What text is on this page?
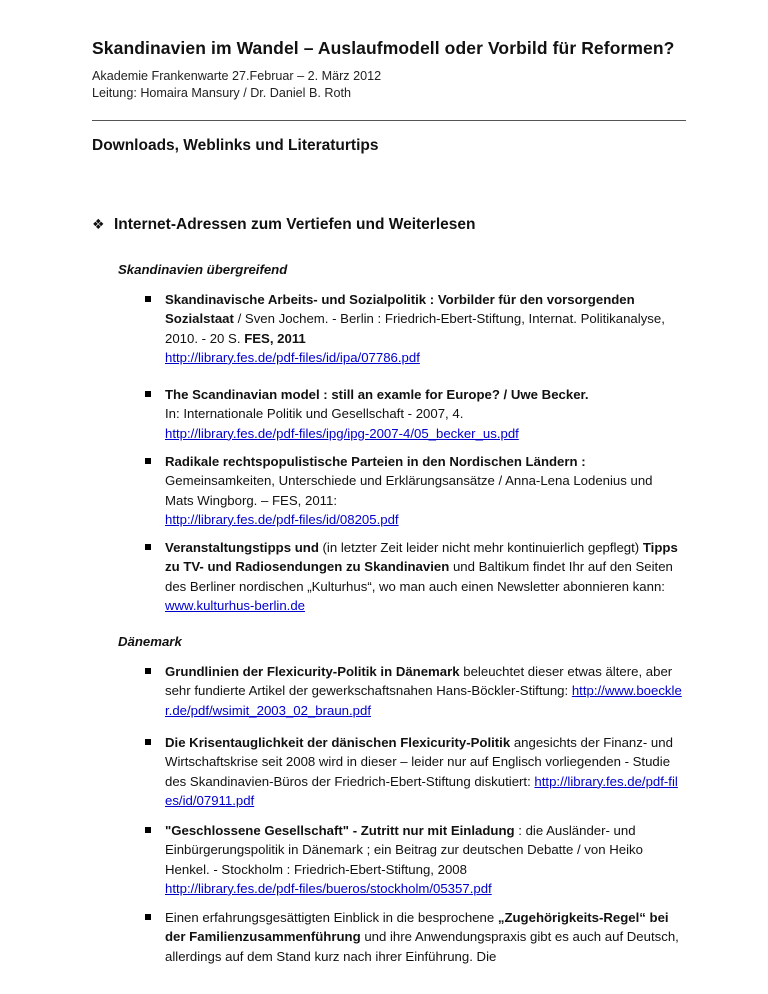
Skandinavien im Wandel – Auslaufmodell oder Vorbild für Reformen?
Akademie Frankenwarte 27.Februar – 2. März 2012
Leitung: Homaira Mansury / Dr. Daniel B. Roth
Downloads, Weblinks und Literaturtips
❖ Internet-Adressen zum Vertiefen und Weiterlesen
Skandinavien übergreifend
Skandinavische Arbeits- und Sozialpolitik : Vorbilder für den vorsorgenden Sozialstaat / Sven Jochem. - Berlin : Friedrich-Ebert-Stiftung, Internat. Politikanalyse, 2010. - 20 S. FES, 2011
http://library.fes.de/pdf-files/id/ipa/07786.pdf
The Scandinavian model : still an examle for Europe? / Uwe Becker.
In: Internationale Politik und Gesellschaft - 2007, 4.
http://library.fes.de/pdf-files/ipg/ipg-2007-4/05_becker_us.pdf
Radikale rechtspopulistische Parteien in den Nordischen Ländern :
Gemeinsamkeiten, Unterschiede und Erklärungsansätze / Anna-Lena Lodenius und Mats Wingborg. – FES, 2011:
http://library.fes.de/pdf-files/id/08205.pdf
Veranstaltungstipps und (in letzter Zeit leider nicht mehr kontinuierlich gepflegt) Tipps zu TV- und Radiosendungen zu Skandinavien und Baltikum findet Ihr auf den Seiten des Berliner nordischen „Kulturhus“, wo man auch einen Newsletter abonnieren kann:
www.kulturhus-berlin.de
Dänemark
Grundlinien der Flexicurity-Politik in Dänemark beleuchtet dieser etwas ältere, aber sehr fundierte Artikel der gewerkschaftsnahen Hans-Böckler-Stiftung: http://www.boeckler.de/pdf/wsimit_2003_02_braun.pdf
Die Krisentauglichkeit der dänischen Flexicurity-Politik angesichts der Finanz- und Wirtschaftskrise seit 2008 wird in dieser – leider nur auf Englisch vorliegenden - Studie des Skandinavien-Büros der Friedrich-Ebert-Stiftung diskutiert: http://library.fes.de/pdf-files/id/07911.pdf
"Geschlossene Gesellschaft" - Zutritt nur mit Einladung : die Ausländer- und Einbürgerungspolitik in Dänemark ; ein Beitrag zur deutschen Debatte / von Heiko Henkel. - Stockholm : Friedrich-Ebert-Stiftung, 2008
http://library.fes.de/pdf-files/bueros/stockholm/05357.pdf
Einen erfahrungsgesättigten Einblick in die besprochene „Zugehörigkeits-Regel“ bei der Familienzusammenführung und ihre Anwendungspraxis gibt es auch auf Deutsch, allerdings auf dem Stand kurz nach ihrer Einführung. Die
